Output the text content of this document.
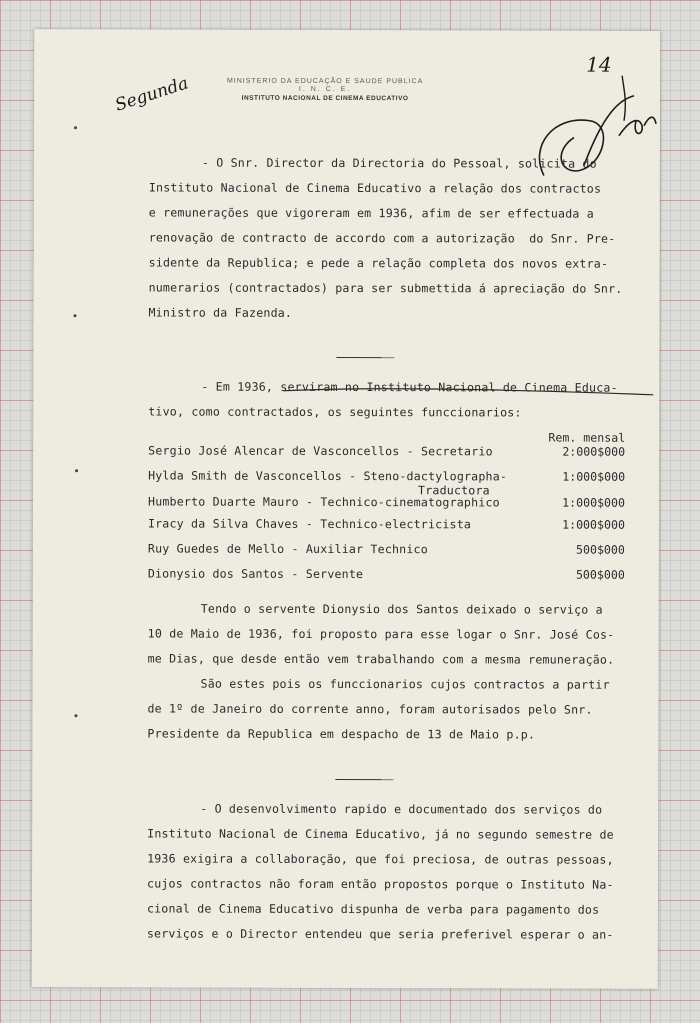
MINISTERIO DA EDUCAÇÃO E SAUDE PUBLICA
I. N. C. E.
INSTITUTO NACIONAL DE CINEMA EDUCATIVO
Segunda
14
- O Snr. Director da Directoria do Pessoal, solicita do
Instituto Nacional de Cinema Educativo a relação dos contractos
e remunerações que vigoreram em 1936, afim de ser effectuada a
renovação de contracto de accordo com a autorização  do Snr. Pre-
sidente da Republica; e pede a relação completa dos novos extra-
numerarios (contractados) para ser submettida á apreciação do Snr.
Ministro da Fazenda.
- Em 1936, serviram no Instituto Nacional de Cinema Educa-
tivo, como contractados, os seguintes funccionarios:
Rem. mensal
Sergio José Alencar de Vasconcellos - Secretario	2:000$000
Hylda Smith de Vasconcellos - Steno-dactylographa-
Traductora
1:000$000
Humberto Duarte Mauro - Technico-cinematographico	1:000$000
Iracy da Silva Chaves - Technico-electricista	1:000$000
Ruy Guedes de Mello - Auxiliar Technico	500$000
Dionysio dos Santos - Servente	500$000
Tendo o servente Dionysio dos Santos deixado o serviço a
10 de Maio de 1936, foi proposto para esse logar o Snr. José Cos-
me Dias, que desde então vem trabalhando com a mesma remuneração.
São estes pois os funccionarios cujos contractos a partir
de 1º de Janeiro do corrente anno, foram autorisados pelo Snr.
Presidente da Republica em despacho de 13 de Maio p.p.
- O desenvolvimento rapido e documentado dos serviços do
Instituto Nacional de Cinema Educativo, já no segundo semestre de
1936 exigira a collaboração, que foi preciosa, de outras pessoas,
cujos contractos não foram então propostos porque o Instituto Na-
cional de Cinema Educativo dispunha de verba para pagamento dos
serviços e o Director entendeu que seria preferivel esperar o an-
